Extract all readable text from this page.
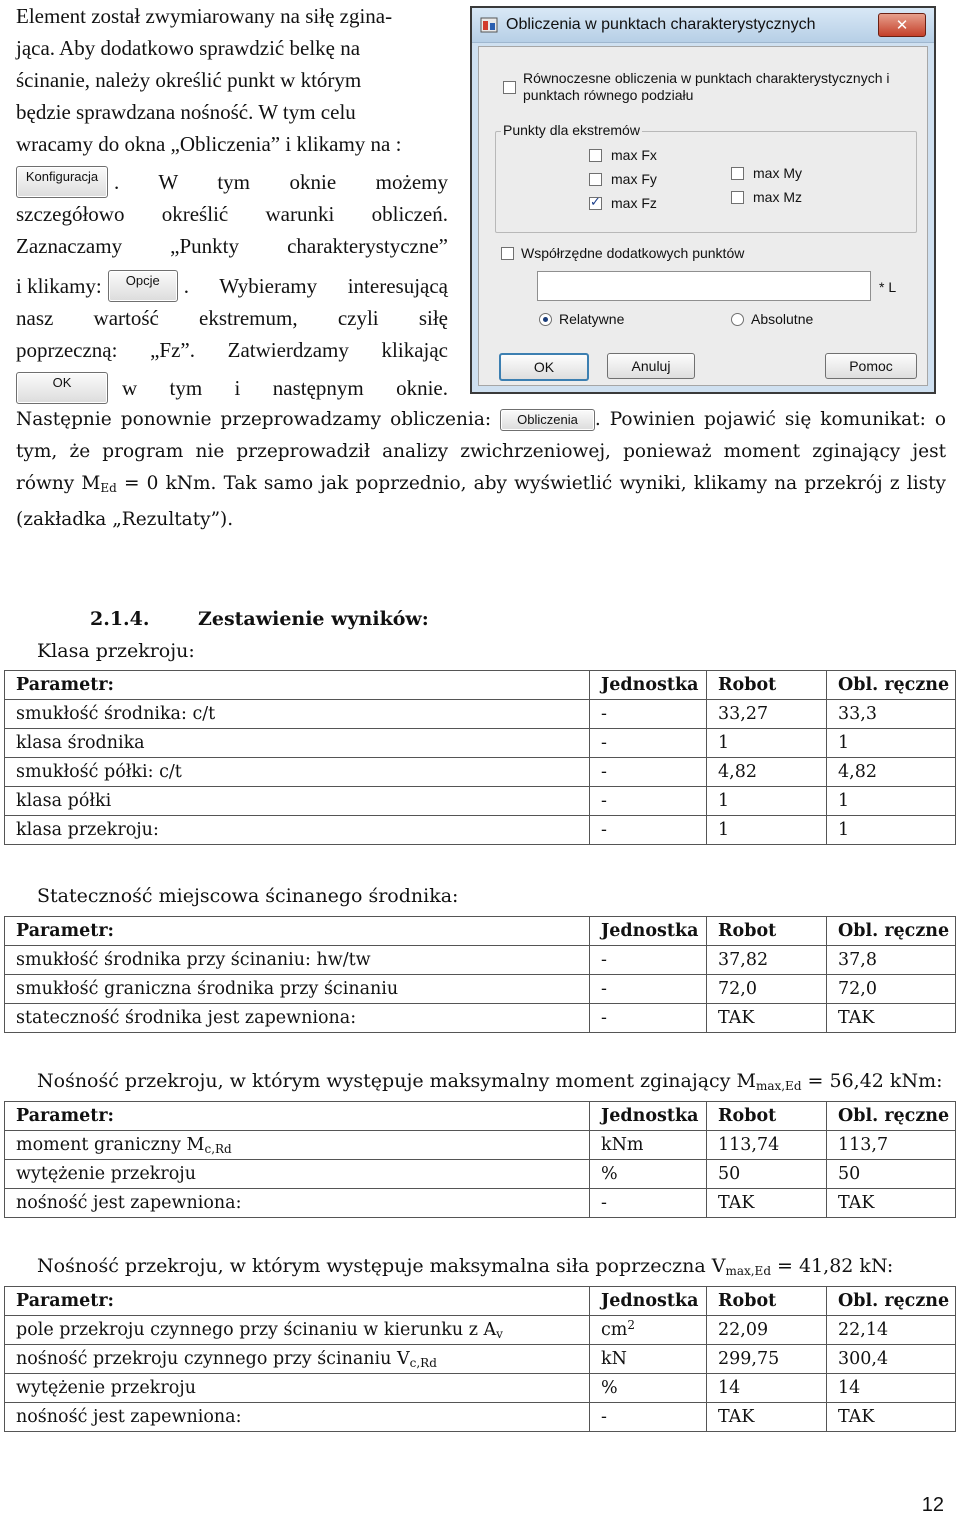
Element został zwymiarowany na siłę zgina-
jąca. Aby dodatkowo sprawdzić belkę na
ścinanie, należy określić punkt w którym
będzie sprawdzana nośność. W tym celu
wracamy do okna „Obliczenia” i klikamy na :
Konfiguracja . W tym oknie możemy
szczegółowo określić warunki obliczeń.
Zaznaczamy „Punkty charakterystyczne”
i klikamy:	Opcje	. Wybieramy interesującą
nasz wartość ekstremum, czyli siłę
poprzeczną: „Fz”. Zatwierdzamy klikając
OK	w tym i następnym oknie.
Obliczenia w punktach charakterystycznych	✕
Równoczesne obliczenia w punktach charakterystycznych i
punktach równego podziału
Punkty dla ekstremów
max Fx
max Fy
✓
max Fz
max My
max Mz
Współrzędne dodatkowych punktów
* L
Relatywne	Absolutne
OK	Anuluj	Pomoc
Następnie ponownie przeprowadzamy obliczenia: Obliczenia . Powinien pojawić się komunikat: o tym, że program nie przeprowadził analizy zwichrzeniowej, ponieważ moment zginający jest równy $M_{Ed} = 0$ kNm. Tak samo jak poprzednio, aby wyświetlić wyniki, klikamy na przekrój z listy (zakładka „Rezultaty”).
2.1.4.	Zestawienie wyników:
Klasa przekroju:
Parametr:	Jednostka	Robot	Obl. ręczne
smukłość środnika: c/t	-	33,27	33,3
klasa środnika	-	1	1
smukłość półki: c/t	-	4,82	4,82
klasa półki	-	1	1
klasa przekroju:	-	1	1
Stateczność miejscowa ścinanego środnika:
Parametr:	Jednostka	Robot	Obl. ręczne
smukłość środnika przy ścinaniu: hw/tw	-	37,82	37,8
smukłość graniczna środnika przy ścinaniu	-	72,0	72,0
stateczność środnika jest zapewniona:	-	TAK	TAK
Nośność przekroju, w którym występuje maksymalny moment zginający $M_{max,Ed} = 56,42$ kNm:
Parametr:	Jednostka	Robot	Obl. ręczne
moment graniczny $M_{c,Rd}$	kNm	113,74	113,7
wytężenie przekroju	%	50	50
nośność jest zapewniona:	-	TAK	TAK
Nośność przekroju, w którym występuje maksymalna siła poprzeczna $V_{max,Ed} = 41,82$ kN:
Parametr:	Jednostka	Robot	Obl. ręczne
pole przekroju czynnego przy ścinaniu w kierunku z $A_v$	$cm^2$	22,09	22,14
nośność przekroju czynnego przy ścinaniu $V_{c,Rd}$	kN	299,75	300,4
wytężenie przekroju	%	14	14
nośność jest zapewniona:	-	TAK	TAK
12
